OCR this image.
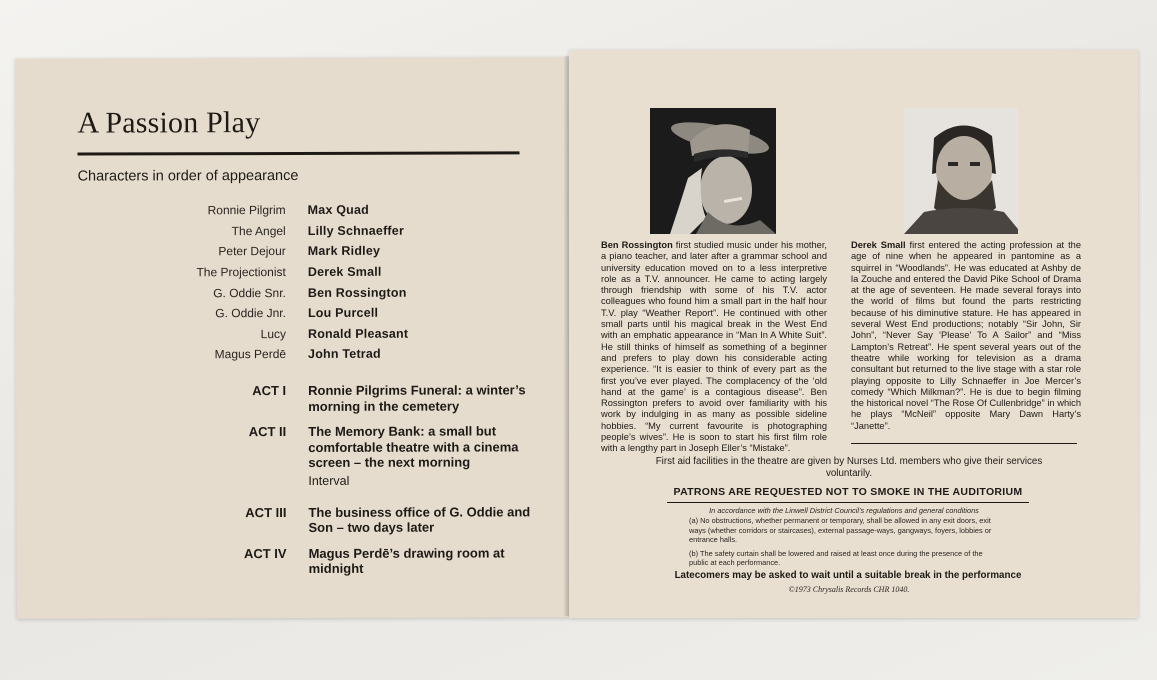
A Passion Play
Characters in order of appearance
Ronnie Pilgrim Max Quad
The Angel Lilly Schnaeffer
Peter Dejour Mark Ridley
The Projectionist Derek Small
G. Oddie Snr. Ben Rossington
G. Oddie Jnr. Lou Purcell
Lucy Ronald Pleasant
Magus Perdē John Tetrad
ACT I Ronnie Pilgrims Funeral: a winter’s morning in the cemetery
ACT II The Memory Bank: a small but comfortable theatre with a cinema screen – the next morning
ACT III The business office of G. Oddie and Son – two days later
ACT IV Magus Perdē’s drawing room at midnight
Interval
Ben Rossington first studied music under his mother, a piano teacher, and later after a grammar school and university education moved on to a less interpretive role as a T.V. announcer. He came to acting largely through friendship with some of his T.V. actor colleagues who found him a small part in the half hour T.V. play “Weather Report”. He continued with other small parts until his magical break in the West End with an emphatic appearance in “Man In A White Suit”. He still thinks of himself as something of a beginner and prefers to play down his considerable acting experience. “It is easier to think of every part as the first you’ve ever played. The complacency of the ‘old hand at the game’ is a contagious disease”. Ben Rossington prefers to avoid over familiarity with his work by indulging in as many as possible sideline hobbies. “My current favourite is photographing people’s wives”. He is soon to start his first film role with a lengthy part in Joseph Eller’s “Mistake”.
Derek Small first entered the acting profession at the age of nine when he appeared in pantomine as a squirrel in “Woodlands”. He was educated at Ashby de la Zouche and entered the David Pike School of Drama at the age of seventeen. He made several forays into the world of films but found the parts restricting because of his diminutive stature. He has appeared in several West End productions; notably “Sir John, Sir John”, “Never Say ‘Please’ To A Sailor” and “Miss Lampton’s Retreat”. He spent several years out of the theatre while working for television as a drama consultant but returned to the live stage with a star role playing opposite to Lilly Schnaeffer in Joe Mercer’s comedy “Which Milkman?”. He is due to begin filming the historical novel “The Rose Of Cullenbridge” in which he plays “McNeil” opposite Mary Dawn Harty’s “Janette”.
First aid facilities in the theatre are given by Nurses Ltd. members who give their services voluntarily.
PATRONS ARE REQUESTED NOT TO SMOKE IN THE AUDITORIUM
In accordance with the Linwell District Council’s regulations and general conditions
(a) No obstructions, whether permanent or temporary, shall be allowed in any exit doors, exit ways (whether corridors or staircases), external passage-ways, gangways, foyers, lobbies or entrance halls.
(b) The safety curtain shall be lowered and raised at least once during the presence of the public at each performance.
Latecomers may be asked to wait until a suitable break in the performance
©1973 Chrysalis Records CHR 1040.
